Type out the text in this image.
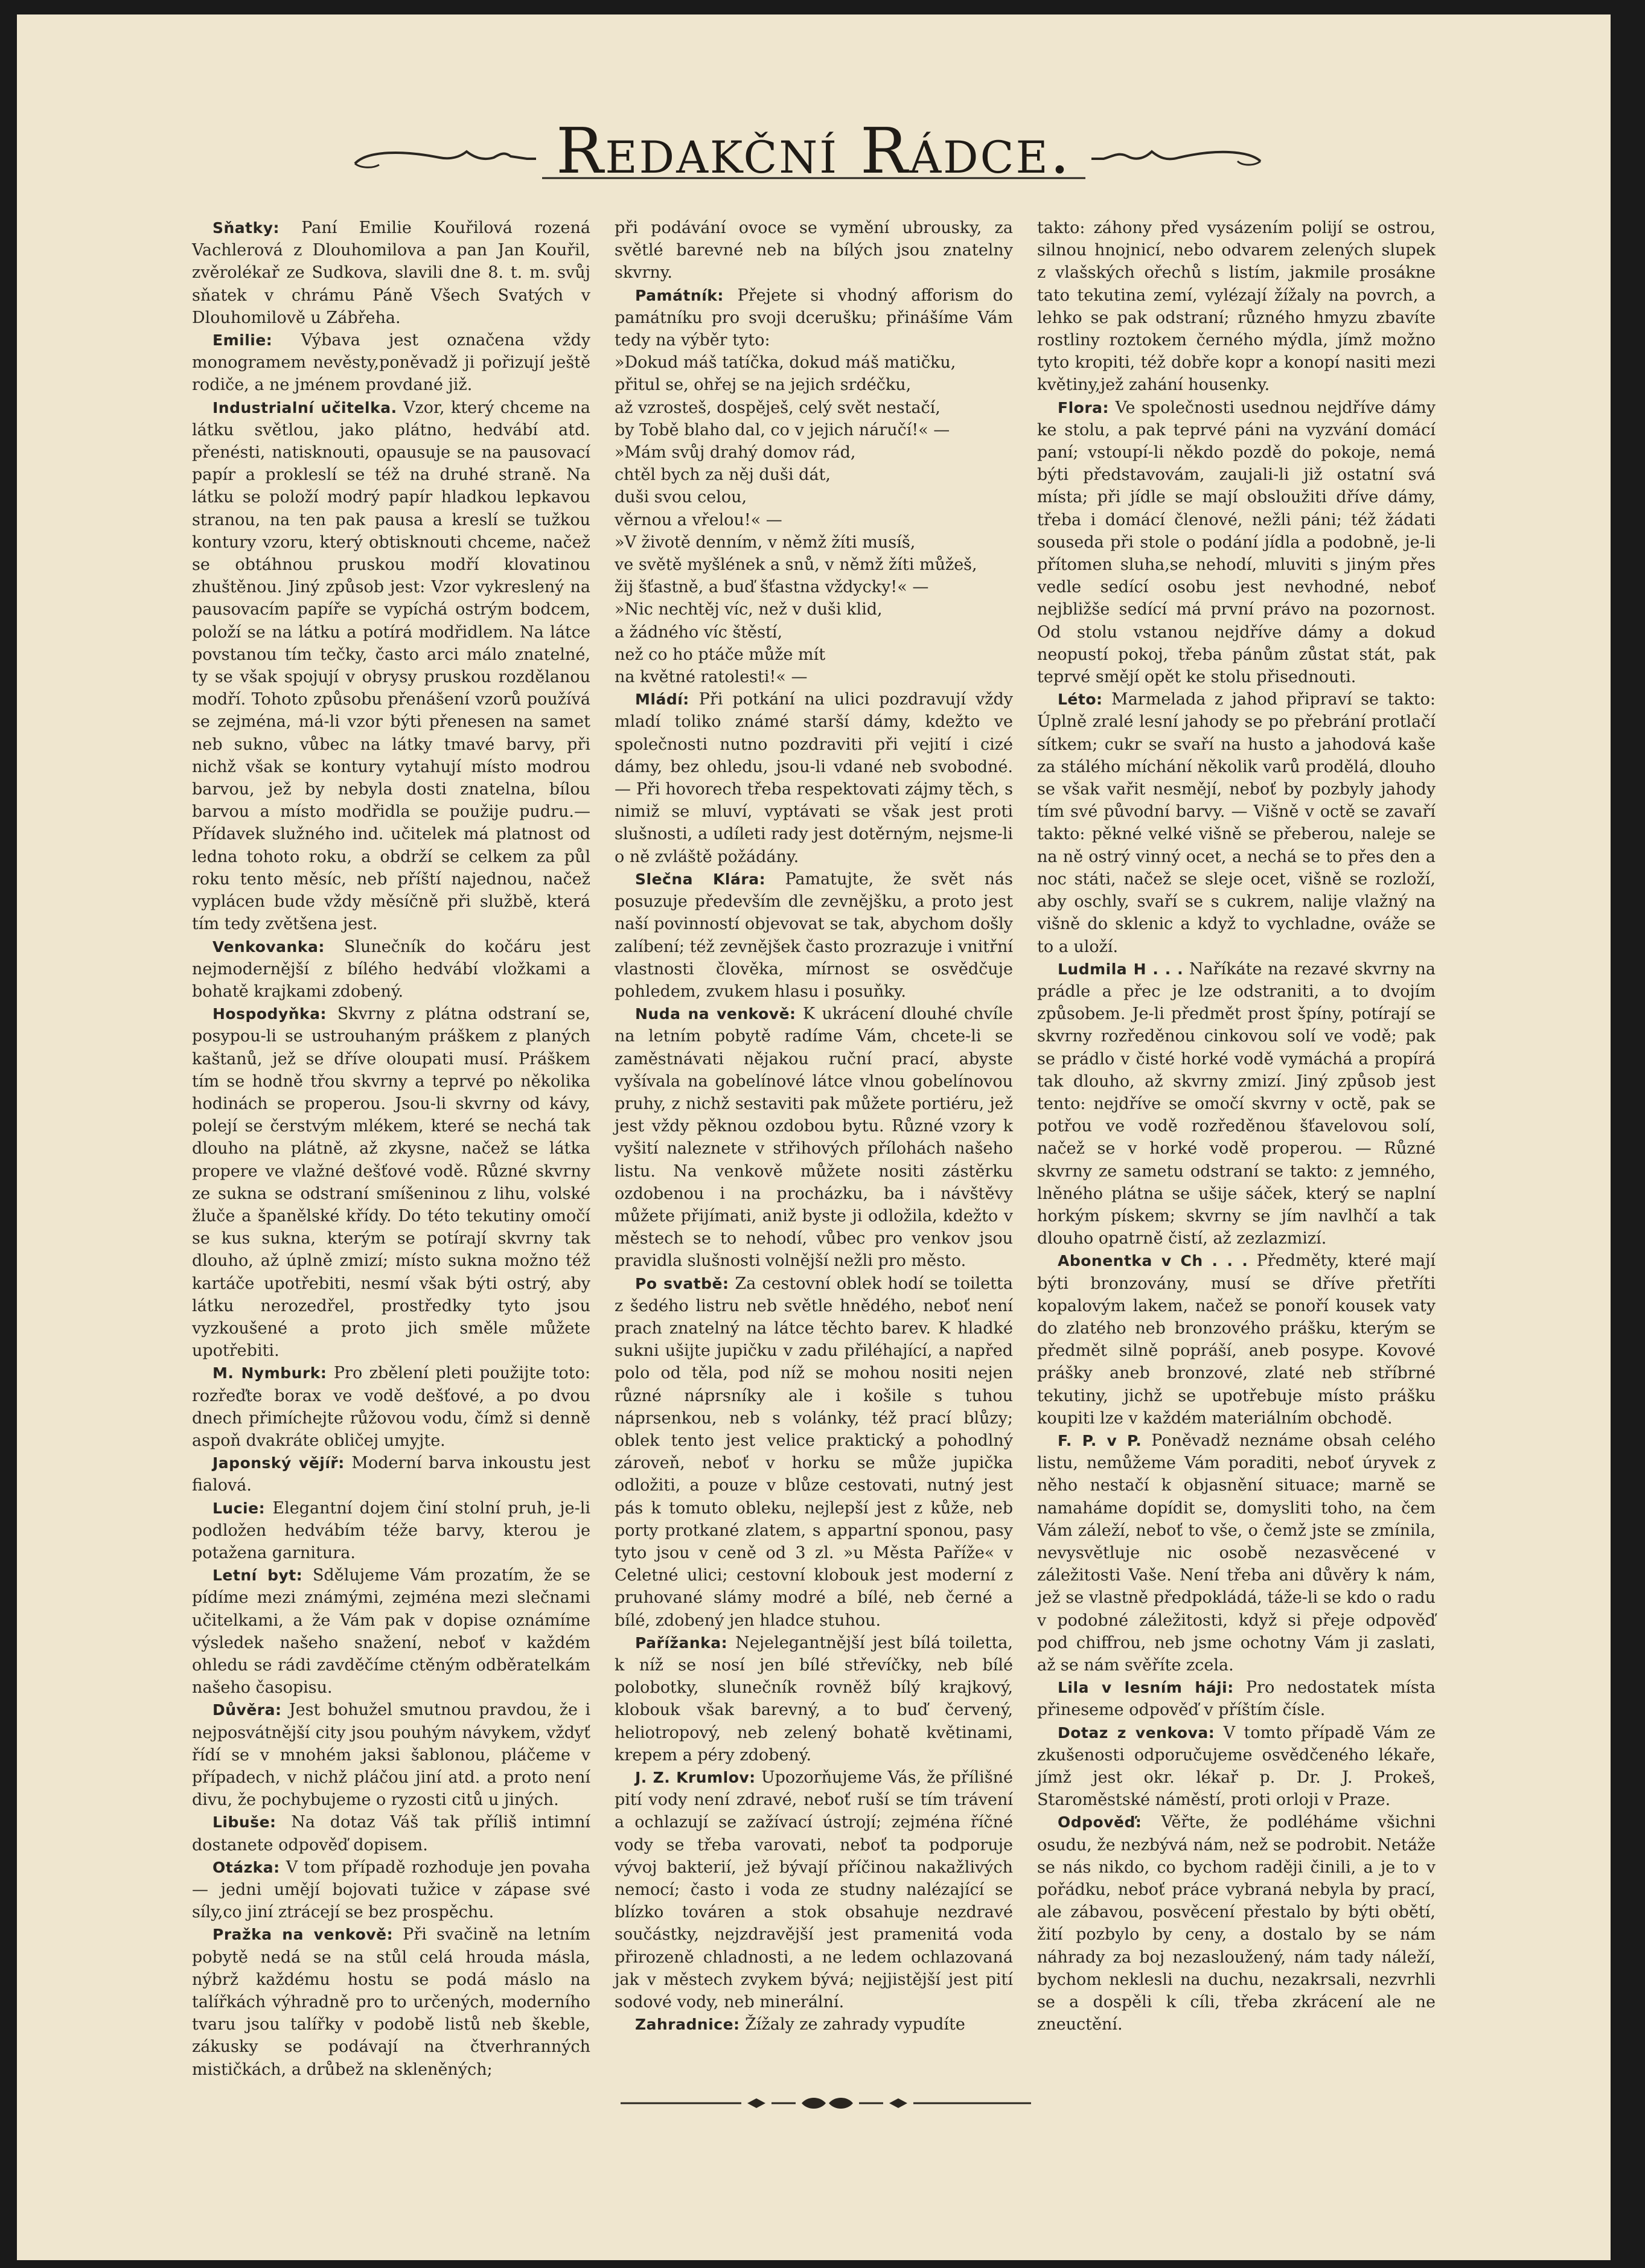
Redakční Rádce.

Sňatky: Paní Emilie Kouřilová rozená Vachlerová z Dlouhomilova a pan Jan Kouřil, zvěrolékař ze Sudkova, slavili dne 8. t. m. svůj sňatek v chrámu Páně Všech Svatých v Dlouhomilově u Zábřeha.

Emilie: Výbava jest označena vždy monogramem nevěsty,poněvadž ji pořizují ještě rodiče, a ne jménem provdané již.

Industrialní učitelka. Vzor, který chceme na látku světlou, jako plátno, hedvábí atd. přenésti, natisknouti, opausuje se na pausovací papír a prokleslí se též na druhé straně. Na látku se položí modrý papír hladkou lepkavou stranou, na ten pak pausa a kreslí se tužkou kontury vzoru, který obtisknouti chceme, načež se obtáhnou pruskou modří klovatinou zhuštěnou. Jiný způsob jest: Vzor vykreslený na pausovacím papíře se vypíchá ostrým bodcem, položí se na látku a potírá modřidlem. Na látce povstanou tím tečky, často arci málo znatelné, ty se však spojují v obrysy pruskou rozdělanou modří. Tohoto způsobu přenášení vzorů používá se zejména, má-li vzor býti přenesen na samet neb sukno, vůbec na látky tmavé barvy, při nichž však se kontury vytahují místo modrou barvou, jež by nebyla dosti znatelna, bílou barvou a místo modřidla se použije pudru.—Přídavek služného ind. učitelek má platnost od ledna tohoto roku, a obdrží se celkem za půl roku tento měsíc, neb příští najednou, načež vyplácen bude vždy měsíčně při službě, která tím tedy zvětšena jest.

Venkovanka: Slunečník do kočáru jest nejmodernější z bílého hedvábí vložkami a bohatě krajkami zdobený.

Hospodyňka: Skvrny z plátna odstraní se, posypou-li se ustrouhaným práškem z planých kaštanů, jež se dříve oloupati musí. Práškem tím se hodně třou skvrny a teprvé po několika hodinách se properou. Jsou-li skvrny od kávy, polejí se čerstvým mlékem, které se nechá tak dlouho na plátně, až zkysne, načež se látka propere ve vlažné dešťové vodě. Různé skvrny ze sukna se odstraní smíšeninou z lihu, volské žluče a španělské křídy. Do této tekutiny omočí se kus sukna, kterým se potírají skvrny tak dlouho, až úplně zmizí; místo sukna možno též kartáče upotřebiti, nesmí však býti ostrý, aby látku nerozedřel, prostředky tyto jsou vyzkoušené a proto jich směle můžete upotřebiti.

M. Nymburk: Pro zbělení pleti použijte toto: rozřeďte borax ve vodě dešťové, a po dvou dnech přimíchejte růžovou vodu, čímž si denně aspoň dvakráte obličej umyjte.

Japonský vějíř: Moderní barva inkoustu jest fialová.

Lucie: Elegantní dojem činí stolní pruh, je-li podložen hedvábím téže barvy, kterou je potažena garnitura.

Letní byt: Sdělujeme Vám prozatím, že se pídíme mezi známými, zejména mezi slečnami učitelkami, a že Vám pak v dopise oznámíme výsledek našeho snažení, neboť v každém ohledu se rádi zavděčíme ctěným odběratelkám našeho časopisu.

Důvěra: Jest bohužel smutnou pravdou, že i nejposvátnější city jsou pouhým návykem, vždyť řídí se v mnohém jaksi šablonou, pláčeme v případech, v nichž pláčou jiní atd. a proto není divu, že pochybujeme o ryzosti citů u jiných.

Libuše: Na dotaz Váš tak příliš intimní dostanete odpověď dopisem.

Otázka: V tom případě rozhoduje jen povaha — jedni umějí bojovati tužice v zápase své síly,co jiní ztrácejí se bez prospěchu.

Pražka na venkově: Při svačině na letním pobytě nedá se na stůl celá hrouda másla, nýbrž každému hostu se podá máslo na talířkách výhradně pro to určených, moderního tvaru jsou talířky v podobě listů neb škeble, zákusky se podávají na čtverhranných mističkách, a drůbež na skleněných;

při podávání ovoce se vymění ubrousky, za světlé barevné neb na bílých jsou znatelny skvrny.

Památník: Přejete si vhodný afforism do památníku pro svoji dcerušku; přinášíme Vám tedy na výběr tyto:

»Dokud máš tatíčka, dokud máš matičku,
přitul se, ohřej se na jejich srdéčku,
až vzrosteš, dospěješ, celý svět nestačí,
by Tobě blaho dal, co v jejich náručí!« —
»Mám svůj drahý domov rád,
chtěl bych za něj duši dát,
duši svou celou,
věrnou a vřelou!« —
»V životě denním, v němž žíti musíš,
ve světě myšlének a snů, v němž žíti můžeš,
žij šťastně, a buď šťastna vždycky!« —
»Nic nechtěj víc, než v duši klid,
a žádného víc štěstí,
než co ho ptáče může mít
na květné ratolesti!« —

Mládí: Při potkání na ulici pozdravují vždy mladí toliko známé starší dámy, kdežto ve společnosti nutno pozdraviti při vejití i cizé dámy, bez ohledu, jsou-li vdané neb svobodné. — Při hovorech třeba respektovati zájmy těch, s nimiž se mluví, vyptávati se však jest proti slušnosti, a udíleti rady jest dotěrným, nejsme-li o ně zvláště požádány.

Slečna Klára: Pamatujte, že svět nás posuzuje především dle zevnějšku, a proto jest naší povinností objevovat se tak, abychom došly zalíbení; též zevnějšek často prozrazuje i vnitřní vlastnosti člověka, mírnost se osvědčuje pohledem, zvukem hlasu i posuňky.

Nuda na venkově: K ukrácení dlouhé chvíle na letním pobytě radíme Vám, chcete-li se zaměstnávati nějakou ruční prací, abyste vyšívala na gobelínové látce vlnou gobelínovou pruhy, z nichž sestaviti pak můžete portiéru, jež jest vždy pěknou ozdobou bytu. Různé vzory k vyšití naleznete v střihových přílohách našeho listu. Na venkově můžete nositi zástěrku ozdobenou i na procházku, ba i návštěvy můžete přijímati, aniž byste ji odložila, kdežto v městech se to nehodí, vůbec pro venkov jsou pravidla slušnosti volnější nežli pro město.

Po svatbě: Za cestovní oblek hodí se toiletta z šedého listru neb světle hnědého, neboť není prach znatelný na látce těchto barev. K hladké sukni ušijte jupičku v zadu přiléhající, a napřed polo od těla, pod níž se mohou nositi nejen různé náprsníky ale i košile s tuhou náprsenkou, neb s volánky, též prací blůzy; oblek tento jest velice praktický a pohodlný zároveň, neboť v horku se může jupička odložiti, a pouze v blůze cestovati, nutný jest pás k tomuto obleku, nejlepší jest z kůže, neb porty protkané zlatem, s appartní sponou, pasy tyto jsou v ceně od 3 zl. »u Města Paříže« v Celetné ulici; cestovní klobouk jest moderní z pruhované slámy modré a bílé, neb černé a bílé, zdobený jen hladce stuhou.

Pařížanka: Nejelegantnější jest bílá toiletta, k níž se nosí jen bílé střevíčky, neb bílé polobotky, slunečník rovněž bílý krajkový, klobouk však barevný, a to buď červený, heliotropový, neb zelený bohatě květinami, krepem a péry zdobený.

J. Z. Krumlov: Upozorňujeme Vás, že přílišné pití vody není zdravé, neboť ruší se tím trávení a ochlazují se zažívací ústrojí; zejména říčné vody se třeba varovati, neboť ta podporuje vývoj bakterií, jež bývají příčinou nakažlivých nemocí; často i voda ze studny nalézající se blízko továren a stok obsahuje nezdravé součástky, nejzdravější jest pramenitá voda přirozeně chladnosti, a ne ledem ochlazovaná jak v městech zvykem bývá; nejjistější jest pití sodové vody, neb minerální.

Zahradnice: Žížaly ze zahrady vypudíte

takto: záhony před vysázením polijí se ostrou, silnou hnojnicí, nebo odvarem zelených slupek z vlašských ořechů s listím, jakmile prosákne tato tekutina zemí, vylézají žížaly na povrch, a lehko se pak odstraní; různého hmyzu zbavíte rostliny roztokem černého mýdla, jímž možno tyto kropiti, též dobře kopr a konopí nasiti mezi květiny,jež zahání housenky.

Flora: Ve společnosti usednou nejdříve dámy ke stolu, a pak teprvé páni na vyzvání domácí paní; vstoupí-li někdo pozdě do pokoje, nemá býti představovám, zaujali-li již ostatní svá místa; při jídle se mají obsloužiti dříve dámy, třeba i domácí členové, nežli páni; též žádati souseda při stole o podání jídla a podobně, je-li přítomen sluha,se nehodí, mluviti s jiným přes vedle sedící osobu jest nevhodné, neboť nejbližše sedící má první právo na pozornost. Od stolu vstanou nejdříve dámy a dokud neopustí pokoj, třeba pánům zůstat stát, pak teprvé smějí opět ke stolu přisednouti.

Léto: Marmelada z jahod připraví se takto: Úplně zralé lesní jahody se po přebrání protlačí sítkem; cukr se svaří na husto a jahodová kaše za stálého míchání několik varů prodělá, dlouho se však vařit nesmějí, neboť by pozbyly jahody tím své původní barvy. — Višně v octě se zavaří takto: pěkné velké višně se přeberou, naleje se na ně ostrý vinný ocet, a nechá se to přes den a noc státi, načež se sleje ocet, višně se rozloží, aby oschly, svaří se s cukrem, nalije vlažný na višně do sklenic a když to vychladne, ováže se to a uloží.

Ludmila H . . . Naříkáte na rezavé skvrny na prádle a přec je lze odstraniti, a to dvojím způsobem. Je-li předmět prost špíny, potírají se skvrny rozředěnou cinkovou solí ve vodě; pak se prádlo v čisté horké vodě vymáchá a propírá tak dlouho, až skvrny zmizí. Jiný způsob jest tento: nejdříve se omočí skvrny v octě, pak se potřou ve vodě rozředěnou šťavelovou solí, načež se v horké vodě properou. — Různé skvrny ze sametu odstraní se takto: z jemného, lněného plátna se ušije sáček, který se naplní horkým pískem; skvrny se jím navlhčí a tak dlouho opatrně čistí, až zezlazmizí.

Abonentka v Ch . . . Předměty, které mají býti bronzovány, musí se dříve přetříti kopalovým lakem, načež se ponoří kousek vaty do zlatého neb bronzového prášku, kterým se předmět silně popráší, aneb posype. Kovové prášky aneb bronzové, zlaté neb stříbrné tekutiny, jichž se upotřebuje místo prášku koupiti lze v každém materiálním obchodě.

F. P. v P. Poněvadž neznáme obsah celého listu, nemůžeme Vám poraditi, neboť úryvek z něho nestačí k objasnění situace; marně se namaháme dopídit se, domysliti toho, na čem Vám záleží, neboť to vše, o čemž jste se zmínila, nevysvětluje nic osobě nezasvěcené v záležitosti Vaše. Není třeba ani důvěry k nám, jež se vlastně předpokládá, táže-li se kdo o radu v podobné záležitosti, když si přeje odpověď pod chiffrou, neb jsme ochotny Vám ji zaslati, až se nám svěříte zcela.

Lila v lesním háji: Pro nedostatek místa přineseme odpověď v příštím čísle.

Dotaz z venkova: V tomto případě Vám ze zkušenosti odporučujeme osvědčeného lékaře, jímž jest okr. lékař p. Dr. J. Prokeš, Staroměstské náměstí, proti orloji v Praze.

Odpověď: Věřte, že podléháme všichni osudu, že nezbývá nám, než se podrobit. Netáže se nás nikdo, co bychom raději činili, a je to v pořádku, neboť práce vybraná nebyla by prací, ale zábavou, posvěcení přestalo by býti obětí, žití pozbylo by ceny, a dostalo by se nám náhrady za boj nezasloužený, nám tady náleží, bychom neklesli na duchu, nezakrsali, nezvrhli se a dospěli k cíli, třeba zkrácení ale ne zneuctění.
